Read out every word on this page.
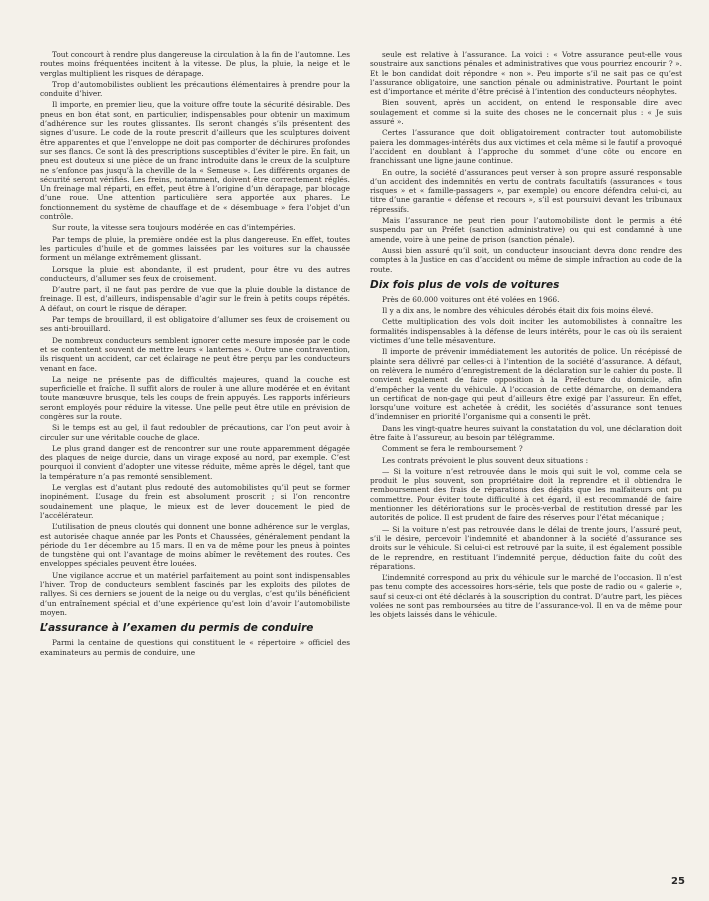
Tout concourt à rendre plus dangereuse la circulation à la fin de l’automne. Les routes moins fréquentées incitent à la vitesse. De plus, la pluie, la neige et le verglas multiplient les risques de dérapage.

Trop d’automobilistes oublient les précautions élémentaires à prendre pour la conduite d’hiver.

Il importe, en premier lieu, que la voiture offre toute la sécurité désirable. Des pneus en bon état sont, en particulier, indispensables pour obtenir un maximum d’adhérence sur les routes glissantes. Ils seront changés s’ils présentent des signes d’usure. Le code de la route prescrit d’ailleurs que les sculptures doivent être apparentes et que l’enveloppe ne doit pas comporter de déchirures profondes sur ses flancs. Ce sont là des prescriptions susceptibles d’éviter le pire. En fait, un pneu est douteux si une pièce de un franc introduite dans le creux de la sculpture ne s’enfonce pas jusqu’à la cheville de la « Semeuse ». Les différents organes de sécurité seront vérifiés. Les freins, notamment, doivent être correctement réglés. Un freinage mal réparti, en effet, peut être à l’origine d’un dérapage, par blocage d’une roue. Une attention particulière sera apportée aux phares. Le fonctionnement du système de chauffage et de « désembuage » fera l’objet d’un contrôle.

Sur route, la vitesse sera toujours modérée en cas d’intempéries.

Par temps de pluie, la première ondée est la plus dangereuse. En effet, toutes les particules d’huile et de gommes laissées par les voitures sur la chaussée forment un mélange extrêmement glissant.

Lorsque la pluie est abondante, il est prudent, pour être vu des autres conducteurs, d’allumer ses feux de croisement.

D’autre part, il ne faut pas perdre de vue que la pluie double la distance de freinage. Il est, d’ailleurs, indispensable d’agir sur le frein à petits coups répétés. A défaut, on court le risque de déraper.

Par temps de brouillard, il est obligatoire d’allumer ses feux de croisement ou ses anti-brouillard.

De nombreux conducteurs semblent ignorer cette mesure imposée par le code et se contentent souvent de mettre leurs « lanternes ». Outre une contravention, ils risquent un accident, car cet éclairage ne peut être perçu par les conducteurs venant en face.

La neige ne présente pas de difficultés majeures, quand la couche est superficielle et fraîche. Il suffit alors de rouler à une allure modérée et en évitant toute manœuvre brusque, tels les coups de frein appuyés. Les rapports inférieurs seront employés pour réduire la vitesse. Une pelle peut être utile en prévision de congères sur la route.

Si le temps est au gel, il faut redoubler de précautions, car l’on peut avoir à circuler sur une véritable couche de glace.

Le plus grand danger est de rencontrer sur une route apparemment dégagée des plaques de neige durcie, dans un virage exposé au nord, par exemple. C’est pourquoi il convient d’adopter une vitesse réduite, même après le dégel, tant que la température n’a pas remonté sensiblement.

Le verglas est d’autant plus redouté des automobilistes qu’il peut se former inopinément. L’usage du frein est absolument proscrit ; si l’on rencontre soudainement une plaque, le mieux est de lever doucement le pied de l’accélérateur.

L’utilisation de pneus cloutés qui donnent une bonne adhérence sur le verglas, est autorisée chaque année par les Ponts et Chaussées, généralement pendant la période du 1er décembre au 15 mars. Il en va de même pour les pneus à pointes de tungstène qui ont l’avantage de moins abîmer le revêtement des routes. Ces enveloppes spéciales peuvent être louées.

Une vigilance accrue et un matériel parfaitement au point sont indispensables l’hiver. Trop de conducteurs semblent fascinés par les exploits des pilotes de rallyes. Si ces derniers se jouent de la neige ou du verglas, c’est qu’ils bénéficient d’un entraînement spécial et d’une expérience qu’est loin d’avoir l’automobiliste moyen.

L’assurance à l’examen du permis de conduire

Parmi la centaine de questions qui constituent le « répertoire » officiel des examinateurs au permis de conduire, une

seule est relative à l’assurance. La voici : « Votre assurance peut-elle vous soustraire aux sanctions pénales et administratives que vous pourriez encourir ? ». Et le bon candidat doit répondre « non ». Peu importe s’il ne sait pas ce qu’est l’assurance obligatoire, une sanction pénale ou administrative. Pourtant le point est d’importance et mérite d’être précisé à l’intention des conducteurs néophytes.

Bien souvent, après un accident, on entend le responsable dire avec soulagement et comme si la suite des choses ne le concernait plus : « Je suis assuré ».

Certes l’assurance que doit obligatoirement contracter tout automobiliste paiera les dommages-intérêts dus aux victimes et cela même si le fautif a provoqué l’accident en doublant à l’approche du sommet d’une côte ou encore en franchissant une ligne jaune continue.

En outre, la société d’assurances peut verser à son propre assuré responsable d’un accident des indemnités en vertu de contrats facultatifs (assurances « tous risques » et « famille-passagers », par exemple) ou encore défendra celui-ci, au titre d’une garantie « défense et recours », s’il est poursuivi devant les tribunaux répressifs.

Mais l’assurance ne peut rien pour l’automobiliste dont le permis a été suspendu par un Préfet (sanction administrative) ou qui est condamné à une amende, voire à une peine de prison (sanction pénale).

Aussi bien assuré qu’il soit, un conducteur insouciant devra donc rendre des comptes à la Justice en cas d’accident ou même de simple infraction au code de la route.

Dix fois plus de vols de voitures

Près de 60.000 voitures ont été volées en 1966.

Il y a dix ans, le nombre des véhicules dérobés était dix fois moins élevé.

Cette multiplication des vols doit inciter les automobilistes à connaître les formalités indispensables à la défense de leurs intérêts, pour le cas où ils seraient victimes d’une telle mésaventure.

Il importe de prévenir immédiatement les autorités de police. Un récépissé de plainte sera délivré par celles-ci à l’intention de la société d’assurance. A défaut, on relèvera le numéro d’enregistrement de la déclaration sur le cahier du poste. Il convient également de faire opposition à la Préfecture du domicile, afin d’empêcher la vente du véhicule. A l’occasion de cette démarche, on demandera un certificat de non-gage qui peut d’ailleurs être exigé par l’assureur. En effet, lorsqu’une voiture est achetée à crédit, les sociétés d’assurance sont tenues d’indemniser en priorité l’organisme qui a consenti le prêt.

Dans les vingt-quatre heures suivant la constatation du vol, une déclaration doit être faite à l’assureur, au besoin par télégramme.

Comment se fera le remboursement ?

Les contrats prévoient le plus souvent deux situations :

— Si la voiture n’est retrouvée dans le mois qui suit le vol, comme cela se produit le plus souvent, son propriétaire doit la reprendre et il obtiendra le remboursement des frais de réparations des dégâts que les malfaiteurs ont pu commettre. Pour éviter toute difficulté à cet égard, il est recommandé de faire mentionner les détériorations sur le procès-verbal de restitution dressé par les autorités de police. Il est prudent de faire des réserves pour l’état mécanique ;

— Si la voiture n’est pas retrouvée dans le délai de trente jours, l’assuré peut, s’il le désire, percevoir l’indemnité et abandonner à la société d’assurance ses droits sur le véhicule. Si celui-ci est retrouvé par la suite, il est également possible de le reprendre, en restituant l’indemnité perçue, déduction faite du coût des réparations.

L’indemnité correspond au prix du véhicule sur le marché de l’occasion. Il n’est pas tenu compte des accessoires hors-série, tels que poste de radio ou « galerie », sauf si ceux-ci ont été déclarés à la souscription du contrat. D’autre part, les pièces volées ne sont pas remboursées au titre de l’assurance-vol. Il en va de même pour les objets laissés dans le véhicule.

25
